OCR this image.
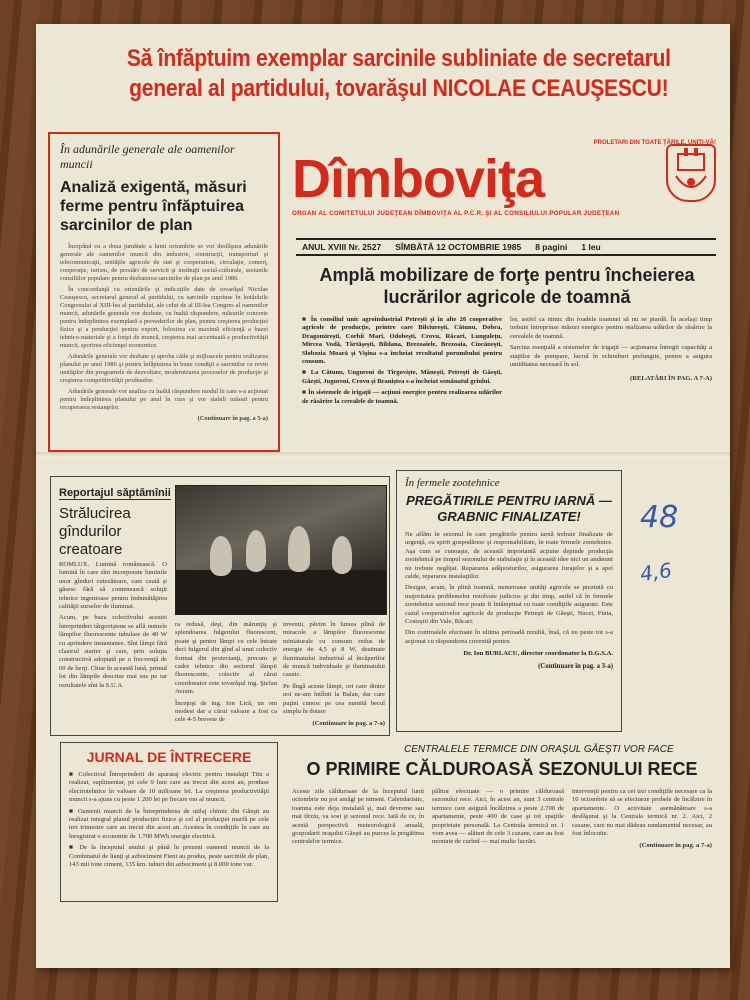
Să înfăptuim exemplar sarcinile subliniate de secretarul
general al partidului, tovarăşul NICOLAE CEAUŞESCU!
În adunările generale ale oamenilor muncii
Analiză exigentă, măsuri ferme pentru înfăptuirea sarcinilor de plan

Începând cu a doua jumătate a lunii octombrie se vor desfăşura adunările generale ale oamenilor muncii din industrie, construcţii, transporturi şi telecomunicaţii, unităţile agricole de stat şi cooperatiste, circulaţie, comerţ, cooperaţie, turism, de prestări de servicii şi instituţii social-culturale, sesiunile consiliilor populare pentru dezbaterea sarcinilor de plan pe anul 1986.

În concordanţă cu orientările şi indicaţiile date de tovarăşul Nicolae Ceauşescu, secretarul general al partidului, cu sarcinile cuprinse în hotărârile Congresului al XIII-lea al partidului, ale celui de al III-lea Congres al oamenilor muncii, adunările generale vor dezbate, cu înaltă răspundere, măsurile concrete pentru îndeplinirea exemplară a prevederilor de plan, pentru creşterea producţiei fizice şi a producţiei pentru export, folosirea cu maximă eficienţă a bazei tehnico-materiale şi a forţei de muncă, creşterea mai accentuată a productivităţii muncii, sporirea eficienţei economice.

Adunările generale vor dezbate şi aproba căile şi mijloacele pentru realizarea planului pe anul 1986 şi pentru înfăptuirea în bune condiţii a sarcinilor ce revin unităţilor din programele de dezvoltare, modernizarea proceselor de producţie şi creşterea competitivităţii produselor.

Adunările generale vor analiza cu înaltă răspundere modul în care s-a acţionat pentru îndeplinirea planului pe anul în curs şi vor stabili măsuri pentru recuperarea restanţelor.

(Continuare în pag. a 5-a)
PROLETARI DIN TOATE ŢĂRILE, UNIŢI-VĂ!
Dîmboviţa
ORGAN AL COMITETULUI JUDEŢEAN DÎMBOVIŢA AL P.C.R. ŞI AL CONSILIULUI POPULAR JUDEŢEAN
ANUL XVIII Nr. 2527 SÎMBĂTĂ 12 OCTOMBRIE 1985 8 pagini 1 leu
Amplă mobilizare de forţe pentru încheierea lucrărilor agricole de toamnă

■ În consiliul unic agroindustrial Petreşti şi în alte 26 cooperative agricole de producţie, printre care Bilciureşti, Cătunu, Dobra, Dragomireşti, Corbii Mari, Odobeşti, Crovu, Răcari, Lungulețu, Mircea Vodă, Tărtăşeşti, Bildana, Brezoaiele, Brezoaia, Ciocăneşti, Slobozia Moară şi Vişina s-a încheiat recoltatul porumbului pentru consum.

■ La Cătunu, Ungureni de Tîrgovişte, Măneşti, Petreşti de Găeşti, Găeşti, Jugureni, Crovu şi Braniştea s-a încheiat semănatul griului.

■ În sistemele de irigaţii — acţiuni energice pentru realizarea udărilor de răsărire la cerealele de toamnă.

lor, astfel ca nimic din roadele toamnei să nu se piardă. În acelaşi timp trebuie întreprinse măsuri energice pentru realizarea udărilor de răsărire la cerealele de toamnă.

Sarcina esenţială a sistemelor de irigaţii — acţionarea întregii capacităţi a staţiilor de pompare, lucrul în schimburi prelungite, pentru a asigura umiditatea necesară în sol.

(RELATĂRI ÎN PAG. A 7-A)

Reportajul săptămînii
Strălucirea gîndurilor creatoare

ROMLUX. Lumină românească. O lumină în care sînt incorporate luminile unor gînduri cutezătoare, care caută şi găsesc fără să contenească soluţii tehnice ingenioase pentru îmbunătăţirea calităţii surselor de iluminat.

Acum, pe baza colectivului acestei întreprinderi târgoviştene se află numele lămpilor fluorescente tubulare de 40 W cu aprindere instantanee. Sînt lămpi fără clasicul starter şi care, prin soluţia constructivă adoptată pe o frecvenţă de 60 de herţi. Chiar în această lună, primul lot din lămpile descrise mai sus pe iar rezultatele sînt la S.U.A.

ra redusă, deşi, din mărunţiş şi splendoarea fulgerului fluorescent, poate şi pentru lămpi cu cele întrate deci fulgerul din gînd al unui colectiv format din proiectanţi, precum şi cadre tehnice din sectorul lămpii fluorescente, colectiv al cărui coordonator este tovarăşul ing. Ştefan Avram.

Înceţoşi de ing. Ion Lică, un om modest dar a cărui valoare a fost ca cele 4-5 brevete de

inventii, păvim în lumea plină de miracole a lămpilor fluorescente miniaturale cu consum redus de energie de 4,5 şi 8 W, destinate iluminatului industrial al încăperilor de muncă individuale şi iluminatului casnic.

Pe lîngă aceste lămpi, ori care dintre noi ne-am întîlnit la Balan, dar care puţini cunosc pe cea numită becul simplu în dotare

(Continuare în pag. a 7-a)

În fermele zootehnice
PREGĂTIRILE PENTRU IARNĂ — GRABNIC FINALIZATE!

Ne aflăm în sezonul în care pregătirile pentru iarnă trebuie finalizate de urgenţă, cu spirit gospodăresc şi responsabilitate, în toate fermele zootehnice. Aşa cum se cunoaşte, de această importantă acţiune depinde producţia zootehnică pe timpul sezonului de stabulaţie şi în această idee nici un amănunt nu trebuie neglijat. Repararea adăposturilor, asigurarea furajelor şi a apei calde, repararea instalaţiilor.

Desigur, acum, în plină toamnă, numeroase unităţi agricole se prezintă cu majoritatea problemelor rezolvate judicios şi din timp, astfel că în fermele zootehnice sezonul rece poate fi întâmpinat cu toate condiţiile asigurate. Este cazul cooperativelor agricole de producţie Petreşti de Găeşti, Nucet, Finta, Costeştii din Vale, Răcari.

Din controalele efectuate în ultima perioadă rezultă, însă, că nu peste tot s-a acţionat cu răspunderea cuvenită pentru

Dr. Ion BURLACU, director coordonator la D.G.S.A.
(Continuare în pag. a 3-a)
48
4,6
JURNAL DE ÎNTRECERE

■ Colectivul Întreprinderii de aparataj electric pentru instalaţii Titu a realizat, suplimentar, pe cele 9 luni care au trecut din acest an, produse electrotehnice în valoare de 10 milioane lei. La creşterea productivităţii muncii s-a ajuns cu peste 1 200 lei pe fiecare om al muncii.

■ Oamenii muncii de la Întreprinderea de utilaj chimic din Găeşti au realizat integral planul producţiei fizice şi cel al producţiei marfă pe cele trei trimestre care au trecut din acest an. Acestea în condiţiile în care au înregistrat o economie de 1.700 MWh energie electrică.

■ De la începutul anului şi până în prezent oamenii muncii de la Combinatul de lianţi şi azbociment Fieni au produs, peste sarcinile de plan, 143 mii tone ciment, 135 km. tuburi din azbociment şi 8.000 tone var.

CENTRALELE TERMICE DIN ORAŞUL GĂEŞTI VOR FACE
O PRIMIRE CĂLDUROASĂ SEZONULUI RECE
Aceste zile călduroase de la începutul lunii octombrie nu pot amăgi pe nimeni. Calendaristic, toamna este deja instalată şi, mai devreme sau mai tîrziu, va sosi şi sezonul rece. Iată de ce, în acestă perspectivă meteorologică anuală, gospodarii oraşului Găeşti au purces la pregătirea centralelor termice.
pălitor efectuate — o primire călduroasă sezonului rece. Aici, în acest an, sunt 3 centrale termice care asigură încălzirea a peste 2.700 de apartamente, peste 400 de case şi tot spaţiile proprietate personală. La Centrala termică nr. 1 vom avea — alături de cele 3 cazane, care au fost montate de curînd — mai multe lucrări.

intervenţii pentru ca cei trei condiţiile necesare ca la 10 octombrie să se efectueze probele de încălzire în apartamente. O activitate asemănătoare s-a desfăşurat şi la Centrala termică nr. 2. Aici, 2 cazane, care nu mai dădeau randamentul necesar, au fost înlocuite.

(Continuare în pag. a 7-a)
